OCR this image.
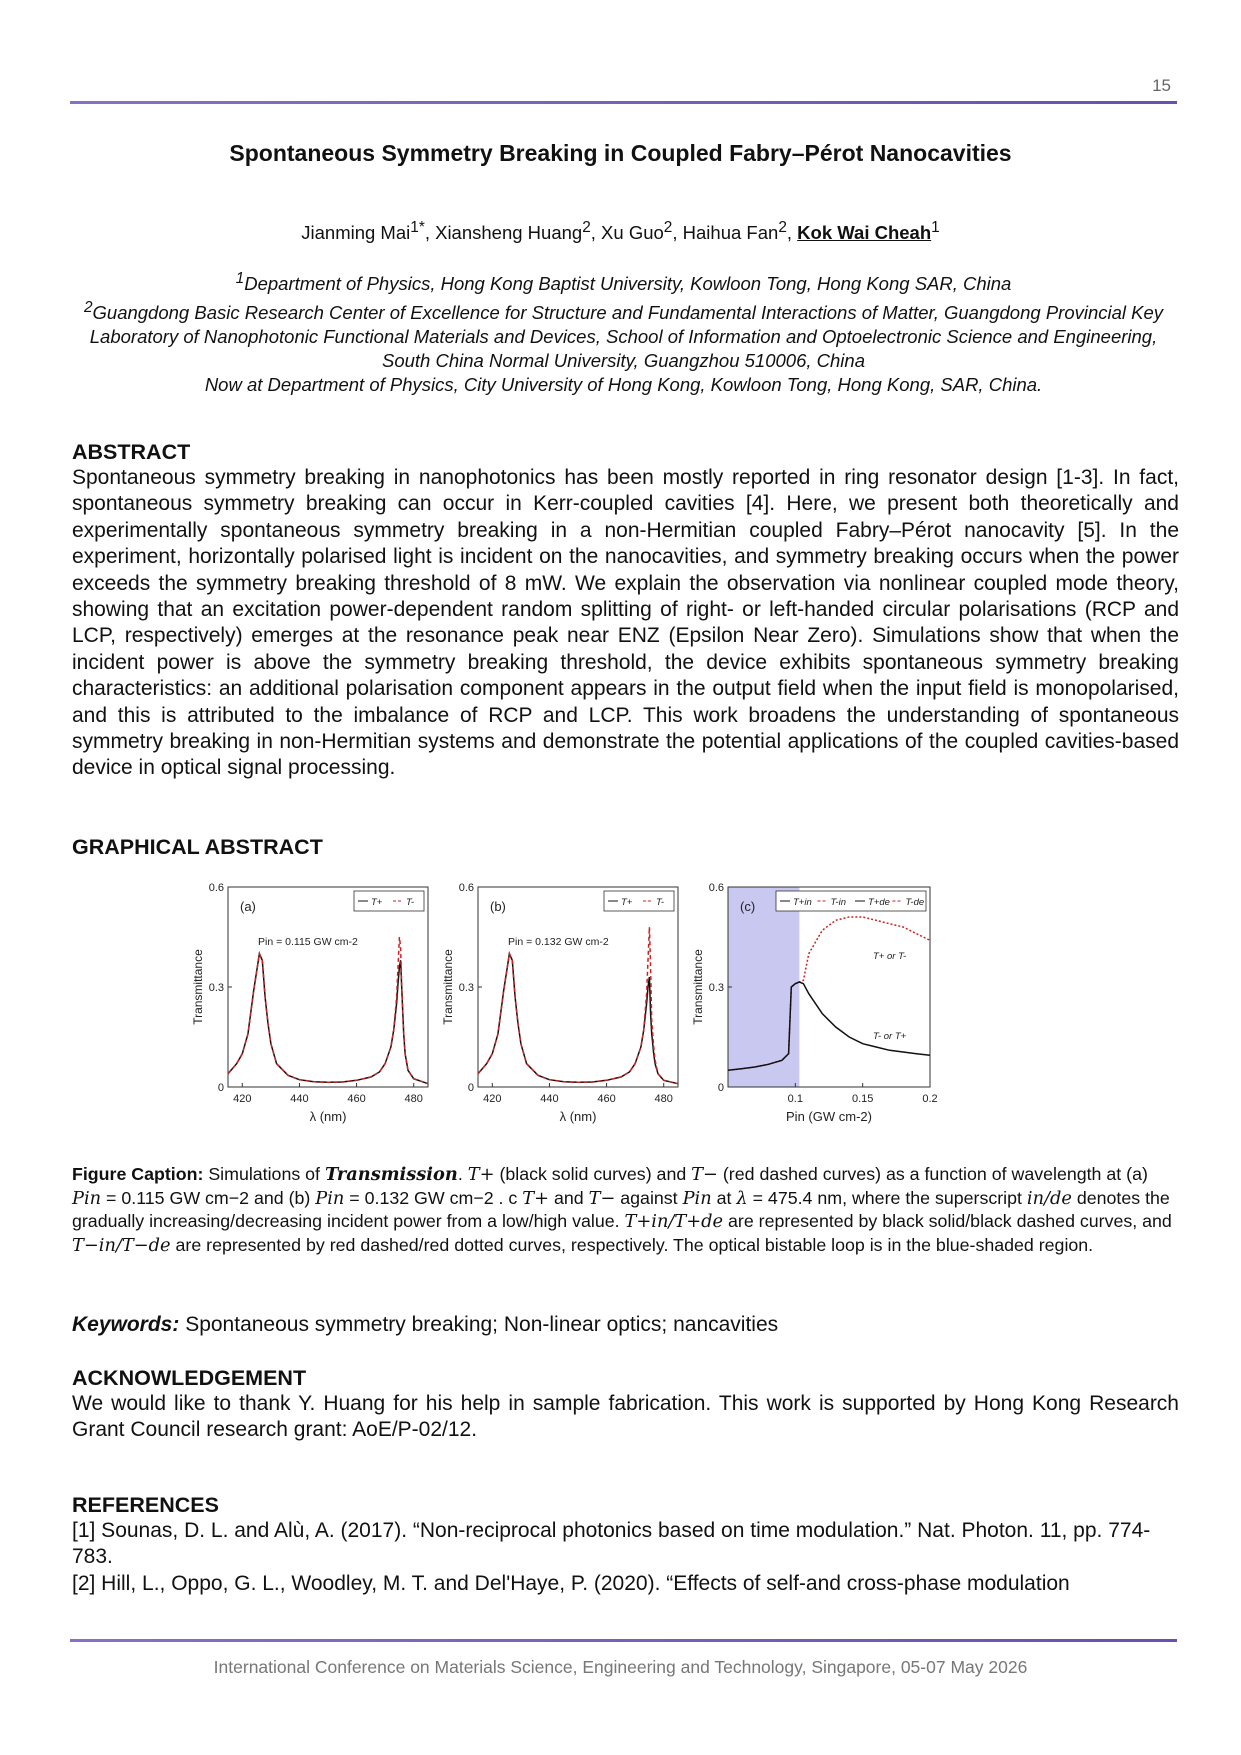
15
Spontaneous Symmetry Breaking in Coupled Fabry–Pérot Nanocavities
Jianming Mai$^{1*}$, Xiansheng Huang$^2$, Xu Guo$^2$, Haihua Fan$^2$, Kok Wai Cheah$^1$
$^1$Department of Physics, Hong Kong Baptist University, Kowloon Tong, Hong Kong SAR, China
$^2$Guangdong Basic Research Center of Excellence for Structure and Fundamental Interactions of Matter, Guangdong Provincial Key Laboratory of Nanophotonic Functional Materials and Devices, School of Information and Optoelectronic Science and Engineering, South China Normal University, Guangzhou 510006, China
Now at Department of Physics, City University of Hong Kong, Kowloon Tong, Hong Kong, SAR, China.
ABSTRACT
Spontaneous symmetry breaking in nanophotonics has been mostly reported in ring resonator design [1-3]. In fact, spontaneous symmetry breaking can occur in Kerr-coupled cavities [4]. Here, we present both theoretically and experimentally spontaneous symmetry breaking in a non-Hermitian coupled Fabry–Pérot nanocavity [5]. In the experiment, horizontally polarised light is incident on the nanocavities, and symmetry breaking occurs when the power exceeds the symmetry breaking threshold of 8 mW. We explain the observation via nonlinear coupled mode theory, showing that an excitation power-dependent random splitting of right- or left-handed circular polarisations (RCP and LCP, respectively) emerges at the resonance peak near ENZ (Epsilon Near Zero). Simulations show that when the incident power is above the symmetry breaking threshold, the device exhibits spontaneous symmetry breaking characteristics: an additional polarisation component appears in the output field when the input field is monopolarised, and this is attributed to the imbalance of RCP and LCP. This work broadens the understanding of spontaneous symmetry breaking in non-Hermitian systems and demonstrate the potential applications of the coupled cavities-based device in optical signal processing.
GRAPHICAL ABSTRACT
0
0.3
0.6
420	440	460	480
λ (nm)
Transmittance
(a)
Pin = 0.115 GW cm-2
T+ T-
0
0.3
0.6
420	440	460	480
λ (nm)
Transmittance
(b)
Pin = 0.132 GW cm-2
T+ T-
0
0.3
0.6
0.1	0.15	0.2
Pin (GW cm-2)
Transmittance
(c)
T+ or T-
T- or T+
T+in T-in T+de T-de
Figure Caption: Simulations of Transmission. T+ (black solid curves) and T− (red dashed curves) as a function of wavelength at (a) Pin = 0.115 GW cm−2 and (b) Pin = 0.132 GW cm−2 . c T+ and T− against Pin at λ = 475.4 nm, where the superscript in/de denotes the gradually increasing/decreasing incident power from a low/high value. T+in/T+de are represented by black solid/black dashed curves, and T−in/T−de are represented by red dashed/red dotted curves, respectively. The optical bistable loop is in the blue-shaded region.
Keywords: Spontaneous symmetry breaking; Non-linear optics; nancavities
ACKNOWLEDGEMENT
We would like to thank Y. Huang for his help in sample fabrication. This work is supported by Hong Kong Research Grant Council research grant: AoE/P-02/12.
REFERENCES
[1] Sounas, D. L. and Alù, A. (2017). “Non-reciprocal photonics based on time modulation.” Nat. Photon. 11, pp. 774-783.
[2] Hill, L., Oppo, G. L., Woodley, M. T. and Del'Haye, P. (2020). “Effects of self-and cross-phase modulation
International Conference on Materials Science, Engineering and Technology, Singapore, 05-07 May 2026
